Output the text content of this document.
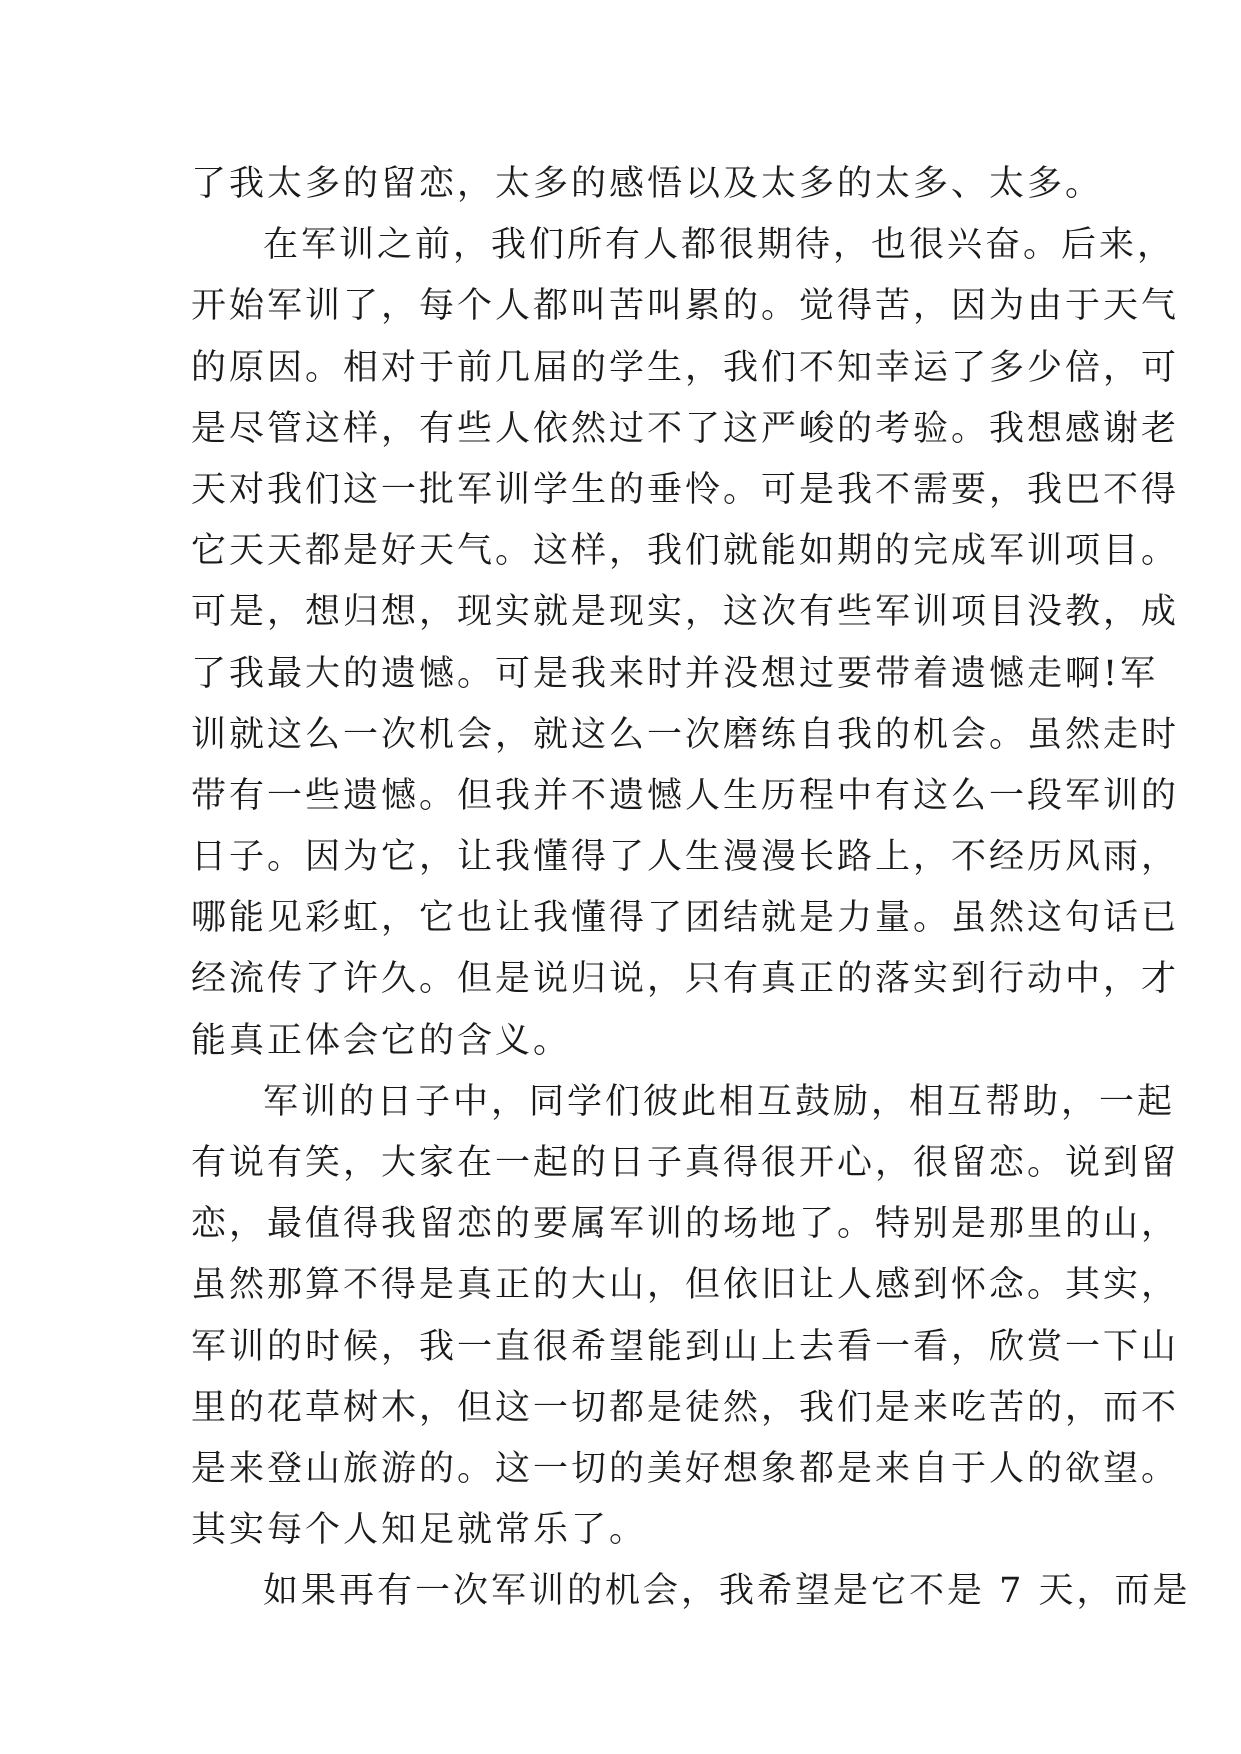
了我太多的留恋，太多的感悟以及太多的太多、太多。
在军训之前，我们所有人都很期待，也很兴奋。后来，
开始军训了，每个人都叫苦叫累的。觉得苦，因为由于天气
的原因。相对于前几届的学生，我们不知幸运了多少倍，可
是尽管这样，有些人依然过不了这严峻的考验。我想感谢老
天对我们这一批军训学生的垂怜。可是我不需要，我巴不得
它天天都是好天气。这样，我们就能如期的完成军训项目。
可是，想归想，现实就是现实，这次有些军训项目没教，成
了我最大的遗憾。可是我来时并没想过要带着遗憾走啊!军
训就这么一次机会，就这么一次磨练自我的机会。虽然走时
带有一些遗憾。但我并不遗憾人生历程中有这么一段军训的
日子。因为它，让我懂得了人生漫漫长路上，不经历风雨，
哪能见彩虹，它也让我懂得了团结就是力量。虽然这句话已
经流传了许久。但是说归说，只有真正的落实到行动中，才
能真正体会它的含义。
军训的日子中，同学们彼此相互鼓励，相互帮助，一起
有说有笑，大家在一起的日子真得很开心，很留恋。说到留
恋，最值得我留恋的要属军训的场地了。特别是那里的山，
虽然那算不得是真正的大山，但依旧让人感到怀念。其实，
军训的时候，我一直很希望能到山上去看一看，欣赏一下山
里的花草树木，但这一切都是徒然，我们是来吃苦的，而不
是来登山旅游的。这一切的美好想象都是来自于人的欲望。
其实每个人知足就常乐了。
如果再有一次军训的机会，我希望是它不是 7 天，而是
